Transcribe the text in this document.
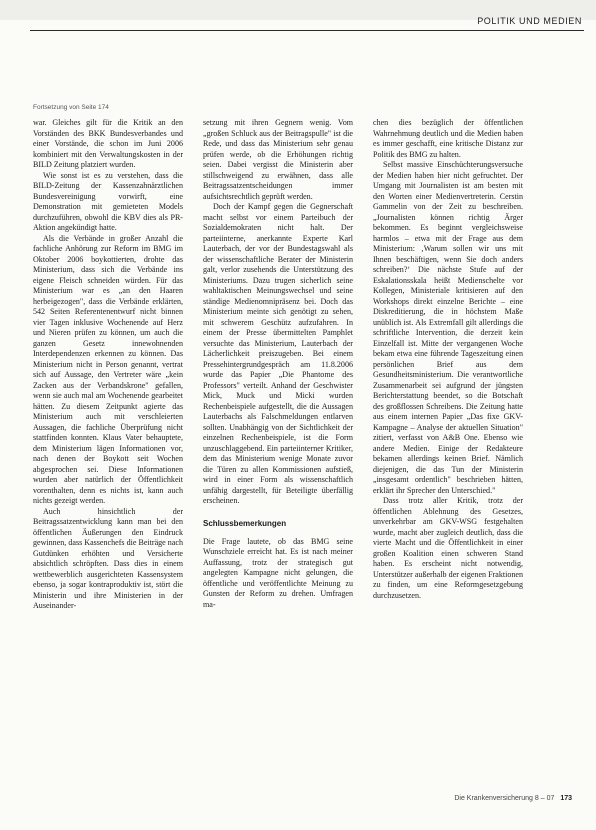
POLITIK UND MEDIEN
Fortsetzung von Seite 174

war. Gleiches gilt für die Kritik an den Vorständen des BKK Bundesverbandes und einer Vorstände, die schon im Juni 2006 kombiniert mit den Verwaltungskosten in der BILD Zeitung platziert wurden.

Wie sonst ist es zu verstehen, dass die BILD-Zeitung der Kassenzahnärztlichen Bundesvereinigung vorwirft, eine Demonstration mit gemieteten Models durchzuführen, obwohl die KBV dies als PR-Aktion angekündigt hatte.

Als die Verbände in großer Anzahl die fachliche Anhörung zur Reform im BMG im Oktober 2006 boykottierten, drohte das Ministerium, dass sich die Verbände ins eigene Fleisch schneiden würden. Für das Ministerium war es „an den Haaren herbeigezogen", dass die Verbände erklärten, 542 Seiten Referentenentwurf nicht binnen vier Tagen inklusive Wochenende auf Herz und Nieren prüfen zu können, um auch die ganzen Gesetz innewohnenden Interdependenzen erkennen zu können. Das Ministerium nicht in Person genannt, vertrat sich auf Aussage, den Vertreter wäre „kein Zacken aus der Verbandskrone" gefallen, wenn sie auch mal am Wochenende gearbeitet hätten. Zu diesem Zeitpunkt agierte das Ministerium auch mit verschleierten Aussagen, die fachliche Überprüfung nicht stattfinden konnten. Klaus Vater behauptete, dem Ministerium lägen Informationen vor, nach denen der Boykott seit Wochen abgesprochen sei. Diese Informationen wurden aber natürlich der Öffentlichkeit vorenthalten, denn es nichts ist, kann auch nichts gezeigt werden.

Auch hinsichtlich der Beitragssatzentwicklung kann man bei den öffentlichen Äußerungen den Eindruck gewinnen, dass Kassenchefs die Beiträge nach Gutdünken erhöhten und Versicherte absichtlich schröpften. Dass dies in einem wettbewerblich ausgerichteten Kassensystem ebenso, ja sogar kontraproduktiv ist, stört die Ministerin und ihre Ministerien in der Auseinander-

setzung mit ihren Gegnern wenig. Vom „großen Schluck aus der Beitragspulle" ist die Rede, und dass das Ministerium sehr genau prüfen werde, ob die Erhöhungen richtig seien. Dabei vergisst die Ministerin aber stillschweigend zu erwähnen, dass alle Beitragssatzentscheidungen immer aufsichtsrechtlich geprüft werden.

Doch der Kampf gegen die Gegnerschaft macht selbst vor einem Parteibuch der Sozialdemokraten nicht halt. Der parteiinterne, anerkannte Experte Karl Lauterbach, der vor der Bundestagswahl als der wissenschaftliche Berater der Ministerin galt, verlor zusehends die Unterstützung des Ministeriums. Dazu trugen sicherlich seine wahltaktischen Meinungswechsel und seine ständige Medienomnipräsenz bei. Doch das Ministerium meinte sich genötigt zu sehen, mit schwerem Geschütz aufzufahren. In einem der Presse übermittelten Pamphlet versuchte das Ministerium, Lauterbach der Lächerlichkeit preiszugeben. Bei einem Pressehintergrundgespräch am 11.8.2006 wurde das Papier „Die Phantome des Professors" verteilt. Anhand der Geschwister Mick, Muck und Micki wurden Rechenbeispiele aufgestellt, die die Aussagen Lauterbachs als Falschmeldungen entlarven sollten. Unabhängig von der Sichtlichkeit der einzelnen Rechenbeispiele, ist die Form unzuschlaggebend. Ein parteiinterner Kritiker, dem das Ministerium wenige Monate zuvor die Türen zu allen Kommissionen aufstieß, wird in einer Form als wissenschaftlich unfähig dargestellt, für Beteiligte überfällig erscheinen.

Schlussbemerkungen

Die Frage lautete, ob das BMG seine Wunschziele erreicht hat. Es ist nach meiner Auffassung, trotz der strategisch gut angelegten Kampagne nicht gelungen, die öffentliche und veröffentlichte Meinung zu Gunsten der Reform zu drehen. Umfragen ma-

chen dies bezüglich der öffentlichen Wahrnehmung deutlich und die Medien haben es immer geschafft, eine kritische Distanz zur Politik des BMG zu halten.

Selbst massive Einschüchterungsversuche der Medien haben hier nicht gefruchtet. Der Umgang mit Journalisten ist am besten mit den Worten einer Medienvertreterin. Cerstin Gammelin von der Zeit zu beschreiben. „Journalisten können richtig Ärger bekommen. Es beginnt vergleichsweise harmlos – etwa mit der Frage aus dem Ministerium: ‚Warum sollen wir uns mit Ihnen beschäftigen, wenn Sie doch anders schreiben?‘ Die nächste Stufe auf der Eskalationsskala heißt Medienschelte vor Kollegen, Ministeriale kritisieren auf den Workshops direkt einzelne Berichte – eine Diskreditierung, die in höchstem Maße unüblich ist. Als Extremfall gilt allerdings die schriftliche Intervention, die derzeit kein Einzelfall ist. Mitte der vergangenen Woche bekam etwa eine führende Tageszeitung einen persönlichen Brief aus dem Gesundheitsministerium. Die verantwortliche Zusammenarbeit sei aufgrund der jüngsten Berichterstattung beendet, so die Botschaft des großflossen Schreibens. Die Zeitung hatte aus einem internen Papier „Das fixe GKV-Kampagne – Analyse der aktuellen Situation" zitiert, verfasst von A&B One. Ebenso wie andere Medien. Einige der Redakteure bekamen allerdings keinen Brief. Nämlich diejenigen, die das Tun der Ministerin „insgesamt ordentlich" beschrieben hätten, erklärt ihr Sprecher den Unterschied."

Dass trotz aller Kritik, trotz der öffentlichen Ablehnung des Gesetzes, unverkehrbar am GKV-WSG festgehalten wurde, macht aber zugleich deutlich, dass die vierte Macht und die Öffentlichkeit in einer großen Koalition einen schweren Stand haben. Es erscheint nicht notwendig, Unterstützer außerhalb der eigenen Fraktionen zu finden, um eine Reformgesetzgebung durchzusetzen.

Die Krankenversicherung 8 – 07 173
